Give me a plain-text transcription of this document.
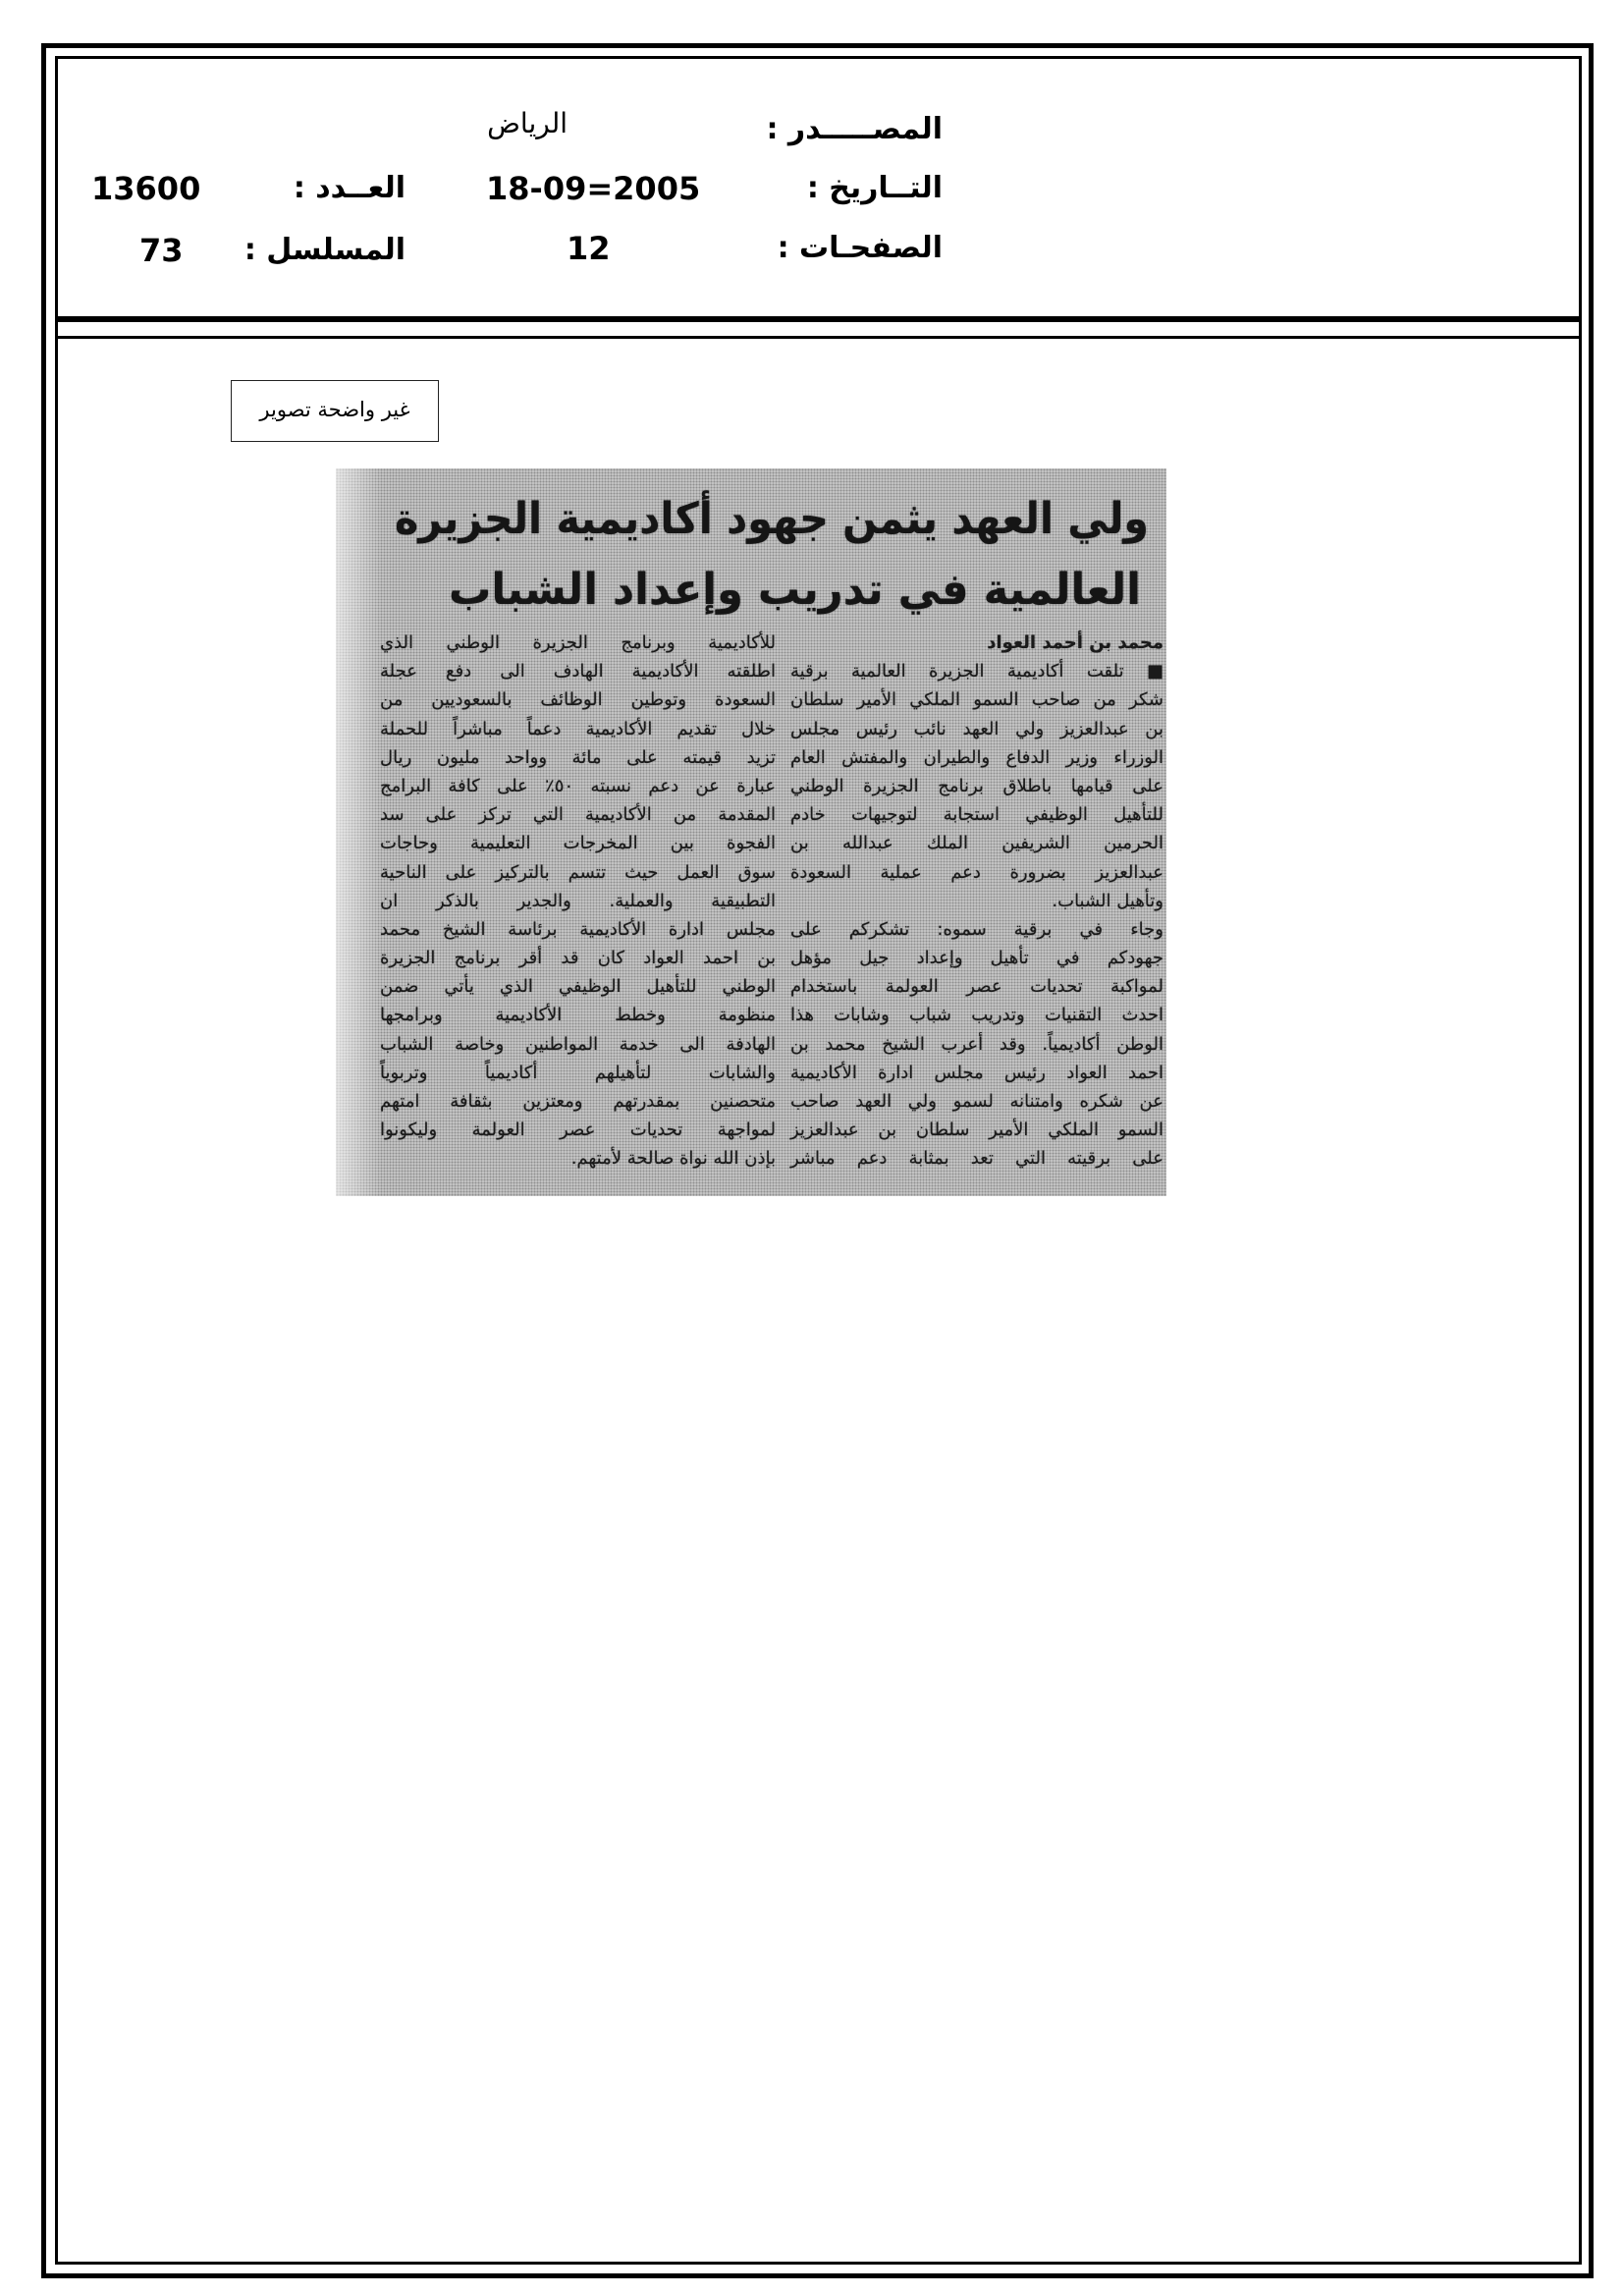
المصـــــدر :
الرياض
التــاريخ :
18-09=2005
الصفحـات :
12
العــدد :
13600
المسلسل :
73
غير واضحة تصوير
ولي العهد يثمن جهود أكاديمية الجزيرة
العالمية في تدريب وإعداد الشباب
محمد بن أحمد العواد
■ تلقت أكاديمية الجزيرة العالمية برقية
شكر من صاحب السمو الملكي الأمير سلطان
بن عبدالعزيز ولي العهد نائب رئيس مجلس
الوزراء وزير الدفاع والطيران والمفتش العام
على قيامها باطلاق برنامج الجزيرة الوطني
للتأهيل الوظيفي استجابة لتوجيهات خادم
الحرمين الشريفين الملك عبدالله بن
عبدالعزيز بضرورة دعم عملية السعودة
وتأهيل الشباب.
وجاء في برقية سموه: تشكركم على
جهودكم في تأهيل وإعداد جيل مؤهل
لمواكبة تحديات عصر العولمة باستخدام
احدث التقنيات وتدريب شباب وشابات هذا
الوطن أكاديمياً. وقد أعرب الشيخ محمد بن
احمد العواد رئيس مجلس ادارة الأكاديمية
عن شكره وامتنانه لسمو ولي العهد صاحب
السمو الملكي الأمير سلطان بن عبدالعزيز
على برقيته التي تعد بمثابة دعم مباشر
للأكاديمية وبرنامج الجزيرة الوطني الذي
اطلقته الأكاديمية الهادف الى دفع عجلة
السعودة وتوطين الوظائف بالسعوديين من
خلال تقديم الأكاديمية دعماً مباشراً للحملة
تزيد قيمته على مائة وواحد مليون ريال
عبارة عن دعم نسبته ٥٠٪ على كافة البرامج
المقدمة من الأكاديمية التي تركز على سد
الفجوة بين المخرجات التعليمية وحاجات
سوق العمل حيث تتسم بالتركيز على الناحية
التطبيقية والعملية. والجدير بالذكر ان
مجلس ادارة الأكاديمية برئاسة الشيخ محمد
بن احمد العواد كان قد أقر برنامج الجزيرة
الوطني للتأهيل الوظيفي الذي يأتي ضمن
منظومة وخطط الأكاديمية وبرامجها
الهادفة الى خدمة المواطنين وخاصة الشباب
والشابات لتأهيلهم أكاديمياً وتربوياً
متحصنين بمقدرتهم ومعتزين بثقافة امتهم
لمواجهة تحديات عصر العولمة وليكونوا
بإذن الله نواة صالحة لأمتهم.
